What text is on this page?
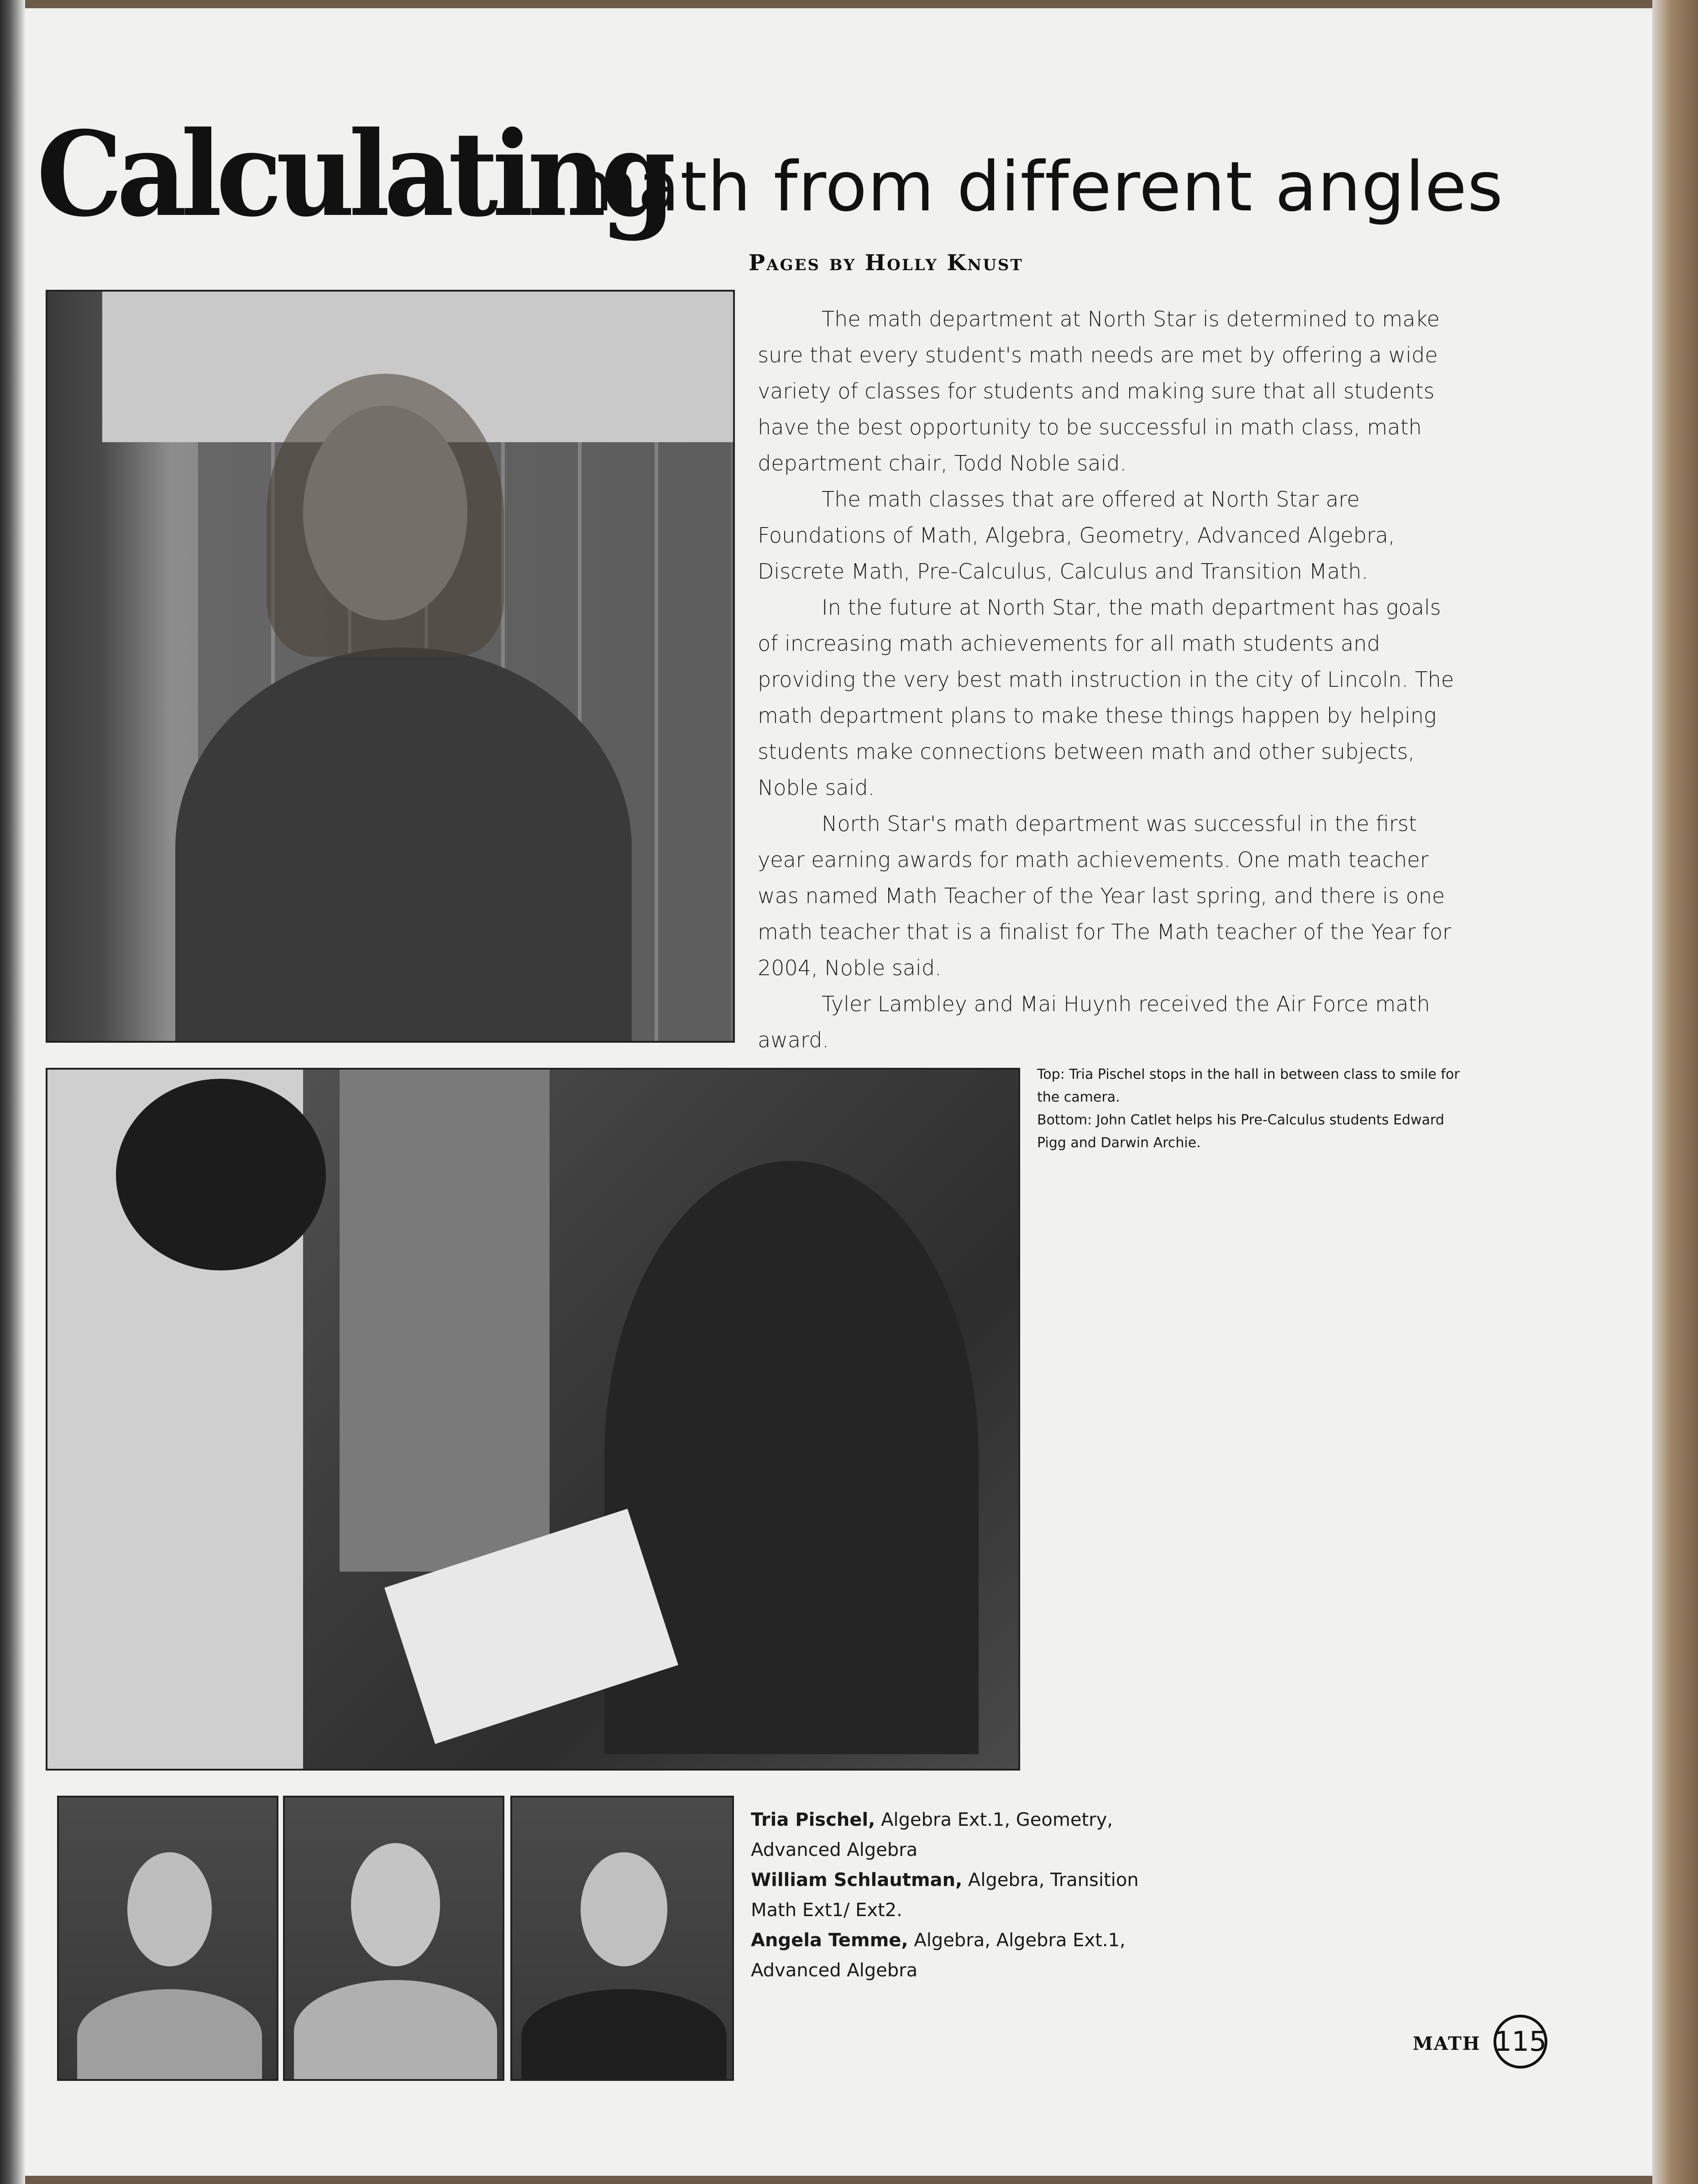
Calculating
math from different angles
Pages by Holly Knust

The math department at North Star is determined to make sure that every student's math needs are met by offering a wide variety of classes for students and making sure that all students have the best opportunity to be successful in math class, math department chair, Todd Noble said.

The math classes that are offered at North Star are Foundations of Math, Algebra, Geometry, Advanced Algebra, Discrete Math, Pre-Calculus, Calculus and Transition Math.

In the future at North Star, the math department has goals of increasing math achievements for all math students and providing the very best math instruction in the city of Lincoln. The math department plans to make these things happen by helping students make connections between math and other subjects, Noble said.

North Star's math department was successful in the first year earning awards for math achievements. One math teacher was named Math Teacher of the Year last spring, and there is one math teacher that is a finalist for The Math teacher of the Year for 2004, Noble said.

Tyler Lambley and Mai Huynh received the Air Force math award.

Top: Tria Pischel stops in the hall in between class to smile for the camera.

Bottom: John Catlet helps his Pre-Calculus students Edward Pigg and Darwin Archie.

Tria Pischel, Algebra Ext.1, Geometry, Advanced Algebra

William Schlautman, Algebra, Transition Math Ext1/ Ext2.

Angela Temme, Algebra, Algebra Ext.1, Advanced Algebra

MATH 115
